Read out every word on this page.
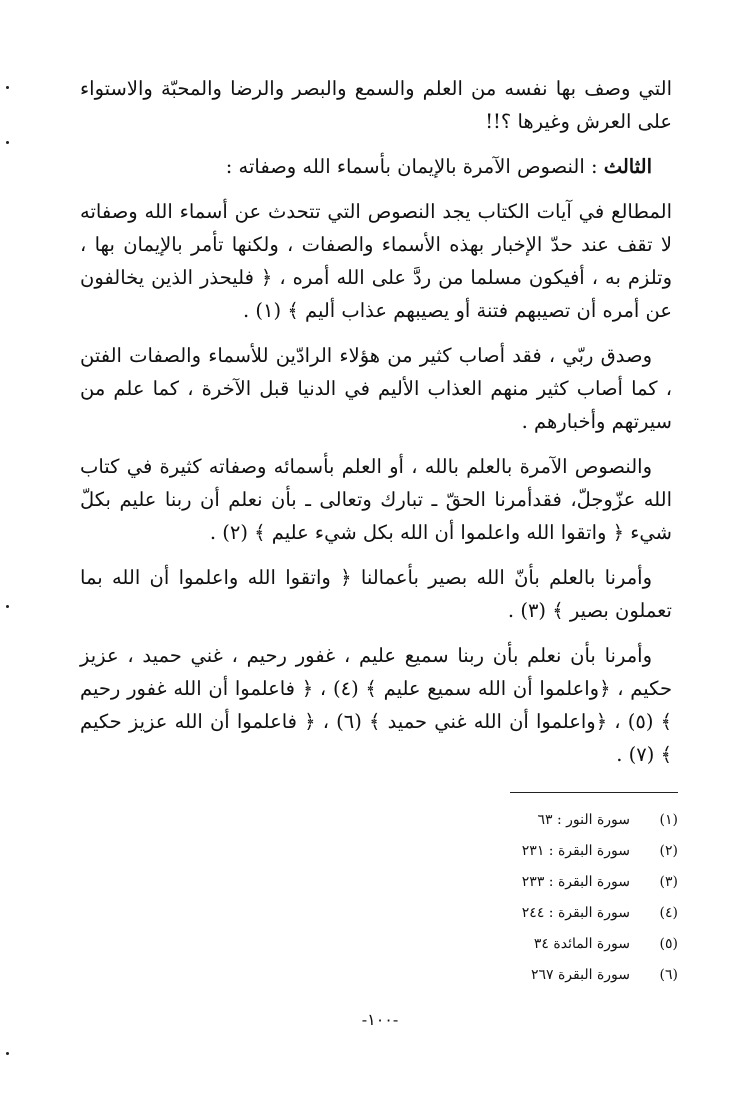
التي وصف بها نفسه من العلم والسمع والبصر والرضا والمحبّة والاستواء على العرش وغيرها ؟!!

الثالث : النصوص الآمرة بالإيمان بأسماء الله وصفاته :

المطالع في آيات الكتاب يجد النصوص التي تتحدث عن أسماء الله وصفاته لا تقف عند حدّ الإخبار بهذه الأسماء والصفات ، ولكنها تأمر بالإيمان بها ، وتلزم به ، أفيكون مسلما من ردَّ على الله أمره ، ﴿ فليحذر الذين يخالفون عن أمره أن تصيبهم فتنة أو يصيبهم عذاب أليم ﴾ (١) .

وصدق ربّي ، فقد أصاب كثير من هؤلاء الرادّين للأسماء والصفات الفتن ، كما أصاب كثير منهم العذاب الأليم في الدنيا قبل الآخرة ، كما علم من سيرتهم وأخبارهم .

والنصوص الآمرة بالعلم بالله ، أو العلم بأسمائه وصفاته كثيرة في كتاب الله عزّوجلّ، فقدأمرنا الحقّ ـ تبارك وتعالى ـ بأن نعلم أن ربنا عليم بكلّ شيء ﴿ واتقوا الله واعلموا أن الله بكل شيء عليم ﴾ (٢) .

وأمرنا بالعلم بأنّ الله بصير بأعمالنا ﴿ واتقوا الله واعلموا أن الله بما تعملون بصير ﴾ (٣) .

وأمرنا بأن نعلم بأن ربنا سميع عليم ، غفور رحيم ، غني حميد ، عزيز حكيم ، ﴿واعلموا أن الله سميع عليم ﴾ (٤) ، ﴿ فاعلموا أن الله غفور رحيم ﴾ (٥) ، ﴿واعلموا أن الله غني حميد ﴾ (٦) ، ﴿ فاعلموا أن الله عزيز حكيم ﴾ (٧) .

(١)
سورة النور : ٦٣
(٢)
سورة البقرة : ٢٣١
(٣)
سورة البقرة : ٢٣٣
(٤)
سورة البقرة : ٢٤٤
(٥)
سورة المائدة ٣٤
(٦)
سورة البقرة ٢٦٧
-١٠٠-
